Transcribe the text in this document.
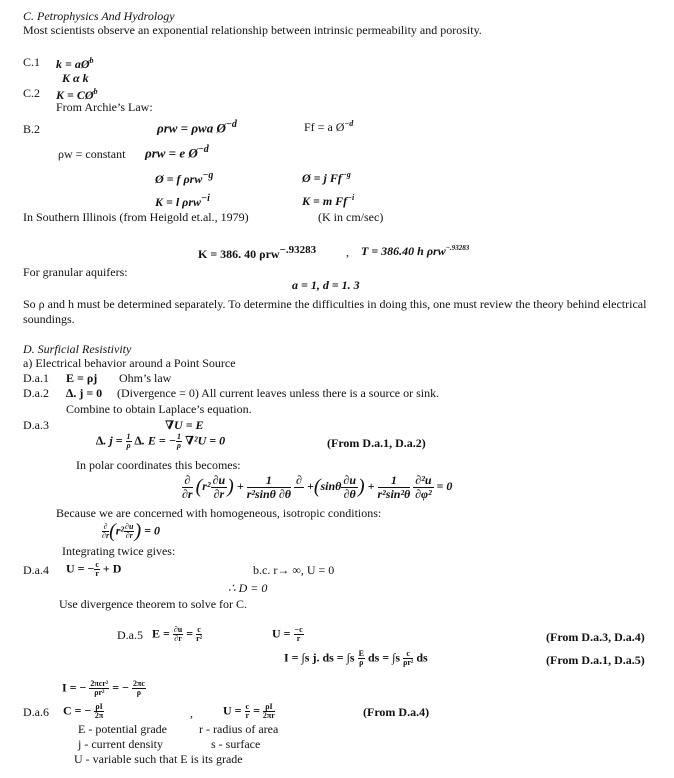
C. Petrophysics And Hydrology
Most scientists observe an exponential relationship between intrinsic permeability and porosity.
C.1 $k = aØ^b$
K α k
C.2 $K = CØ^b$
From Archie’s Law:
B.2	ρrw = ρwa $Ø^{-d}$	Ff = a $Ø^{-d}$
ρw = constant ρrw = e $Ø^{-d}$
Ø = f ρrw$^{-g}$	Ø = j $Ff^{-g}$
K = l ρrw$^{-i}$	K = m $Ff^{-i}$
In Southern Illinois (from Heigold et.al., 1979)	(K in cm/sec)
K = 386. 40 ρrw$^{-.93283}$ , T = 386.40 h ρrw$^{-.93283}$
For granular aquifers:
a = 1, d = 1. 3
So ρ and h must be determined separately. To determine the difficulties in doing this, one must review the theory behind electrical
soundings.
D. Surficial Resistivity
a) Electrical behavior around a Point Source
D.a.1 E = ρj Ohm’s law
D.a.2 ∆. j = 0 (Divergence = 0) All current leaves unless there is a source or sink.
Combine to obtain Laplace’s equation.
D.a.3	∇U = E
∆. $j = \frac{1}{\rho}$ ∆. E = − $\frac{1}{\rho} \nabla^2U = 0$	(From D.a.1, D.a.2)
In polar coordinates this becomes:
∂
∂r ($r^2 \frac{\partial u}{\partial r}$ ) + $\frac{1}{\text{r²sinθ ∂θ}}$
∂
$+(\sin\theta \frac{\partial u}{\partial\theta}$ ) + $\frac{1}{\text{r²sin²θ}}$
$\frac{\text{∂²u}}{\text{∂φ²}} = 0$
Because we are concerned with homogeneous, isotropic conditions:
$\frac{\partial}{\partial r} (r^2 \frac{\partial u}{\partial r}$ ) = 0
Integrating twice gives:
D.a.4 U = − $\frac{c}{r} + D$	b.c. r→ ∞, U = 0
∴ D = 0
Use divergence theorem to solve for C.
D.a.5 $E = \frac{\partial u}{\partial r} = \frac{c}{\text{r²}}$	$U = \frac{-c}{r}$	(From D.a.3, D.a.4)
I = ∫s j. ds = $\int s \frac{E}{\rho}$ ds = $\int s \frac{c}{\text{ρr²}}$ ds	(From D.a.1, D.a.5)
I = − $\frac{\text{2πcr²}}{\text{ρr²}}$ = − $\frac{2\pi c}{\rho}$
D.a.6 C = − $\frac{\rho I}{2\pi}$	,	$U = \frac{c}{r} = \frac{\rho I}{2\pi r}$	(From D.a.4)
E - potential grade	r - radius of area
j - current density	s - surface
U - variable such that E is its grade
